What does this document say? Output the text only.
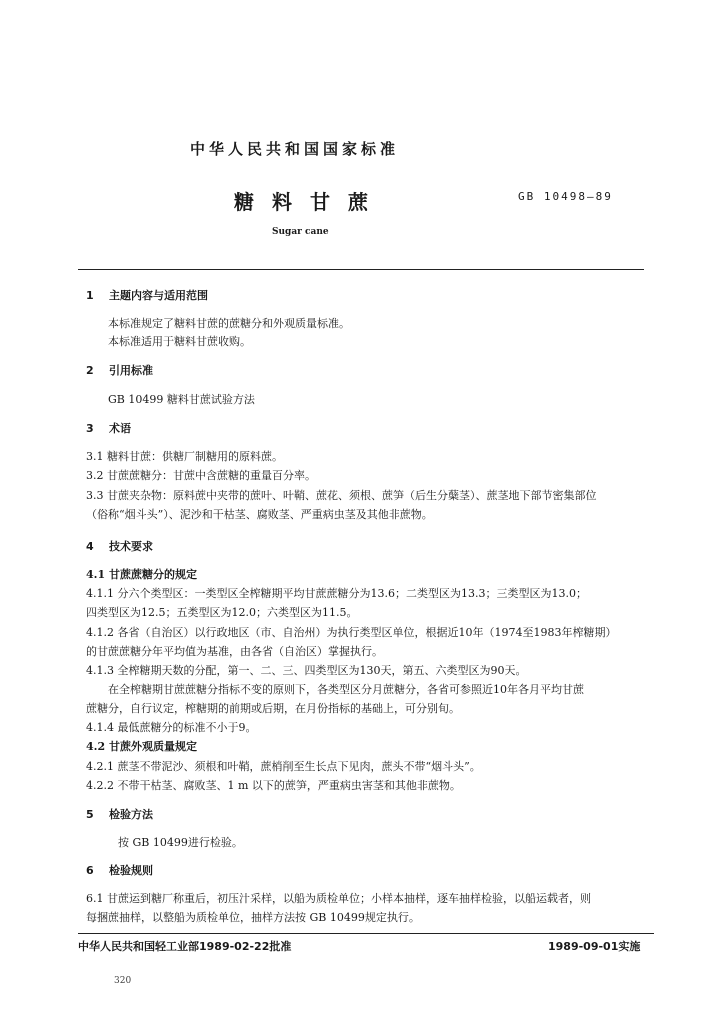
中华人民共和国国家标准
糖料甘蔗	GB 10498—89
Sugar cane
1 主题内容与适用范围
本标准规定了糖料甘蔗的蔗糖分和外观质量标准。
本标准适用于糖料甘蔗收购。
2 引用标准
GB 10499 糖料甘蔗试验方法
3 术语
3.1 糖料甘蔗：供糖厂制糖用的原料蔗。
3.2 甘蔗蔗糖分：甘蔗中含蔗糖的重量百分率。
3.3 甘蔗夹杂物：原料蔗中夹带的蔗叶、叶鞘、蔗花、须根、蔗笋（后生分蘖茎）、蔗茎地下部节密集部位
（俗称“烟斗头”）、泥沙和干枯茎、腐败茎、严重病虫茎及其他非蔗物。
4 技术要求
4.1 甘蔗蔗糖分的规定
4.1.1 分六个类型区：一类型区全榨糖期平均甘蔗蔗糖分为13.6；二类型区为13.3；三类型区为13.0；
四类型区为12.5；五类型区为12.0；六类型区为11.5。
4.1.2 各省（自治区）以行政地区（市、自治州）为执行类型区单位，根据近10年（1974至1983年榨糖期）
的甘蔗蔗糖分年平均值为基准，由各省（自治区）掌握执行。
4.1.3 全榨糖期天数的分配，第一、二、三、四类型区为130天，第五、六类型区为90天。
在全榨糖期甘蔗蔗糖分指标不变的原则下，各类型区分月蔗糖分，各省可参照近10年各月平均甘蔗
蔗糖分，自行议定，榨糖期的前期或后期，在月份指标的基础上，可分别旬。
4.1.4 最低蔗糖分的标准不小于9。
4.2 甘蔗外观质量规定
4.2.1 蔗茎不带泥沙、须根和叶鞘，蔗梢削至生长点下见肉，蔗头不带“烟斗头”。
4.2.2 不带干枯茎、腐败茎、1 m 以下的蔗笋，严重病虫害茎和其他非蔗物。
5 检验方法
按 GB 10499进行检验。
6 检验规则
6.1 甘蔗运到糖厂称重后，初压汁采样，以船为质检单位；小样本抽样，逐车抽样检验，以船运载者，则
每捆蔗抽样，以整船为质检单位，抽样方法按 GB 10499规定执行。
中华人民共和国轻工业部1989-02-22批准	1989-09-01实施
320
